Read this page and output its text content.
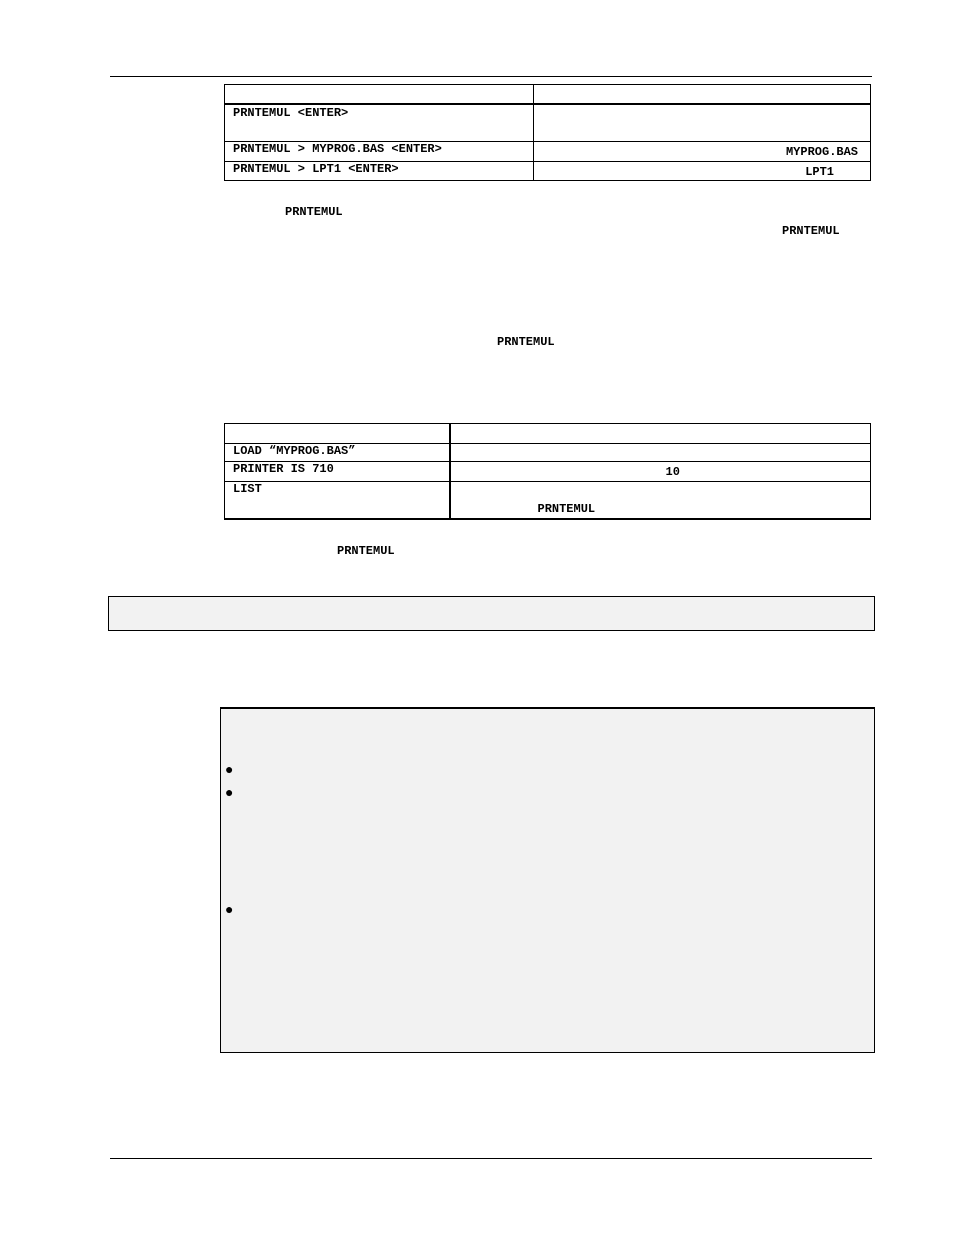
PRNTEMUL <ENTER>	
PRNTEMUL > MYPROG.BAS <ENTER>	MYPROG.BAS
PRNTEMUL > LPT1 <ENTER>	LPT1
PRNTEMUL
PRNTEMUL
PRNTEMUL

LOAD “MYPROG.BAS”	
PRINTER IS 710	10
LIST	PRNTEMUL
PRNTEMUL
●
●
●
